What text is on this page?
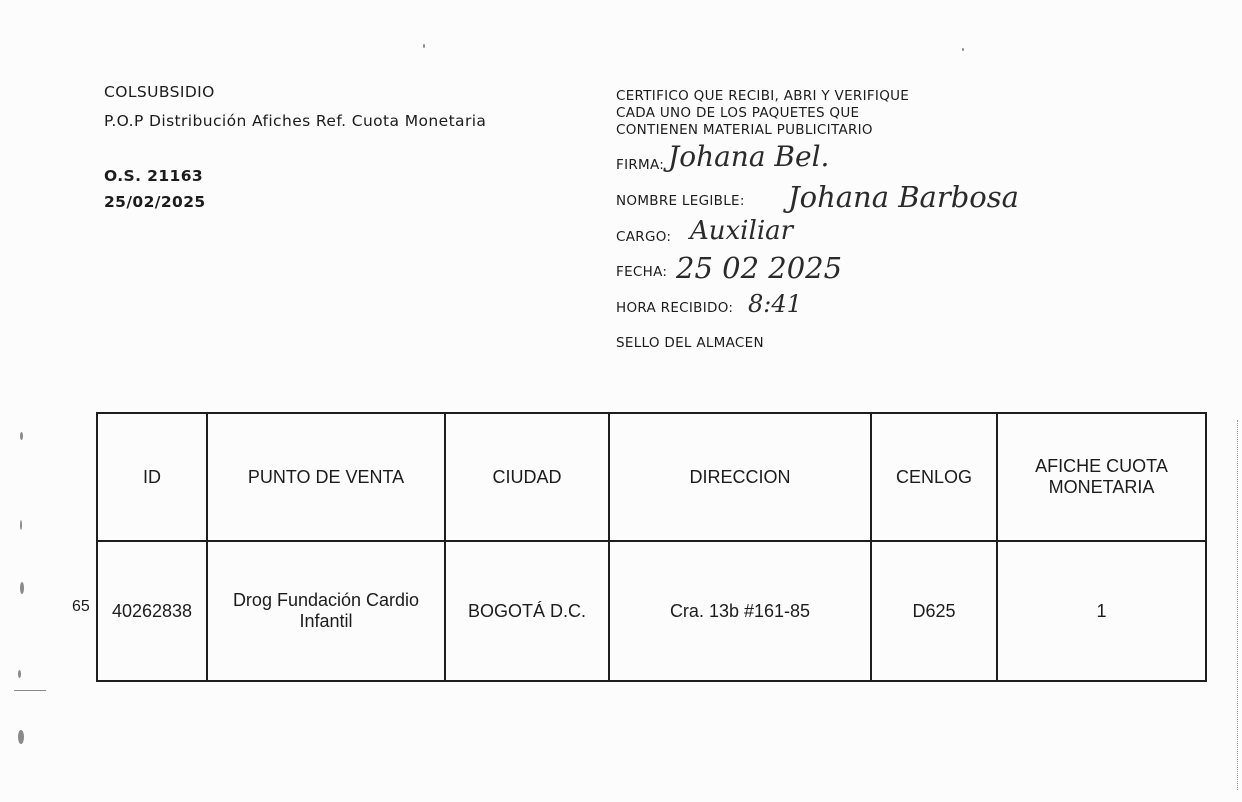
COLSUBSIDIO
P.O.P Distribución Afiches Ref. Cuota Monetaria
O.S. 21163
25/02/2025
CERTIFICO QUE RECIBI, ABRI Y VERIFIQUE
CADA UNO DE LOS PAQUETES QUE
CONTIENEN MATERIAL PUBLICITARIO
FIRMA: Johana Bel.
NOMBRE LEGIBLE: Johana Barbosa
CARGO: Auxiliar
FECHA: 25 02 2025
HORA RECIBIDO: 8:41
SELLO DEL ALMACEN
ID	PUNTO DE VENTA	CIUDAD	DIRECCION	CENLOG	AFICHE CUOTA MONETARIA
40262838	Drog Fundación Cardio Infantil	BOGOTÁ D.C.	Cra. 13b #161-85	D625	1
65
